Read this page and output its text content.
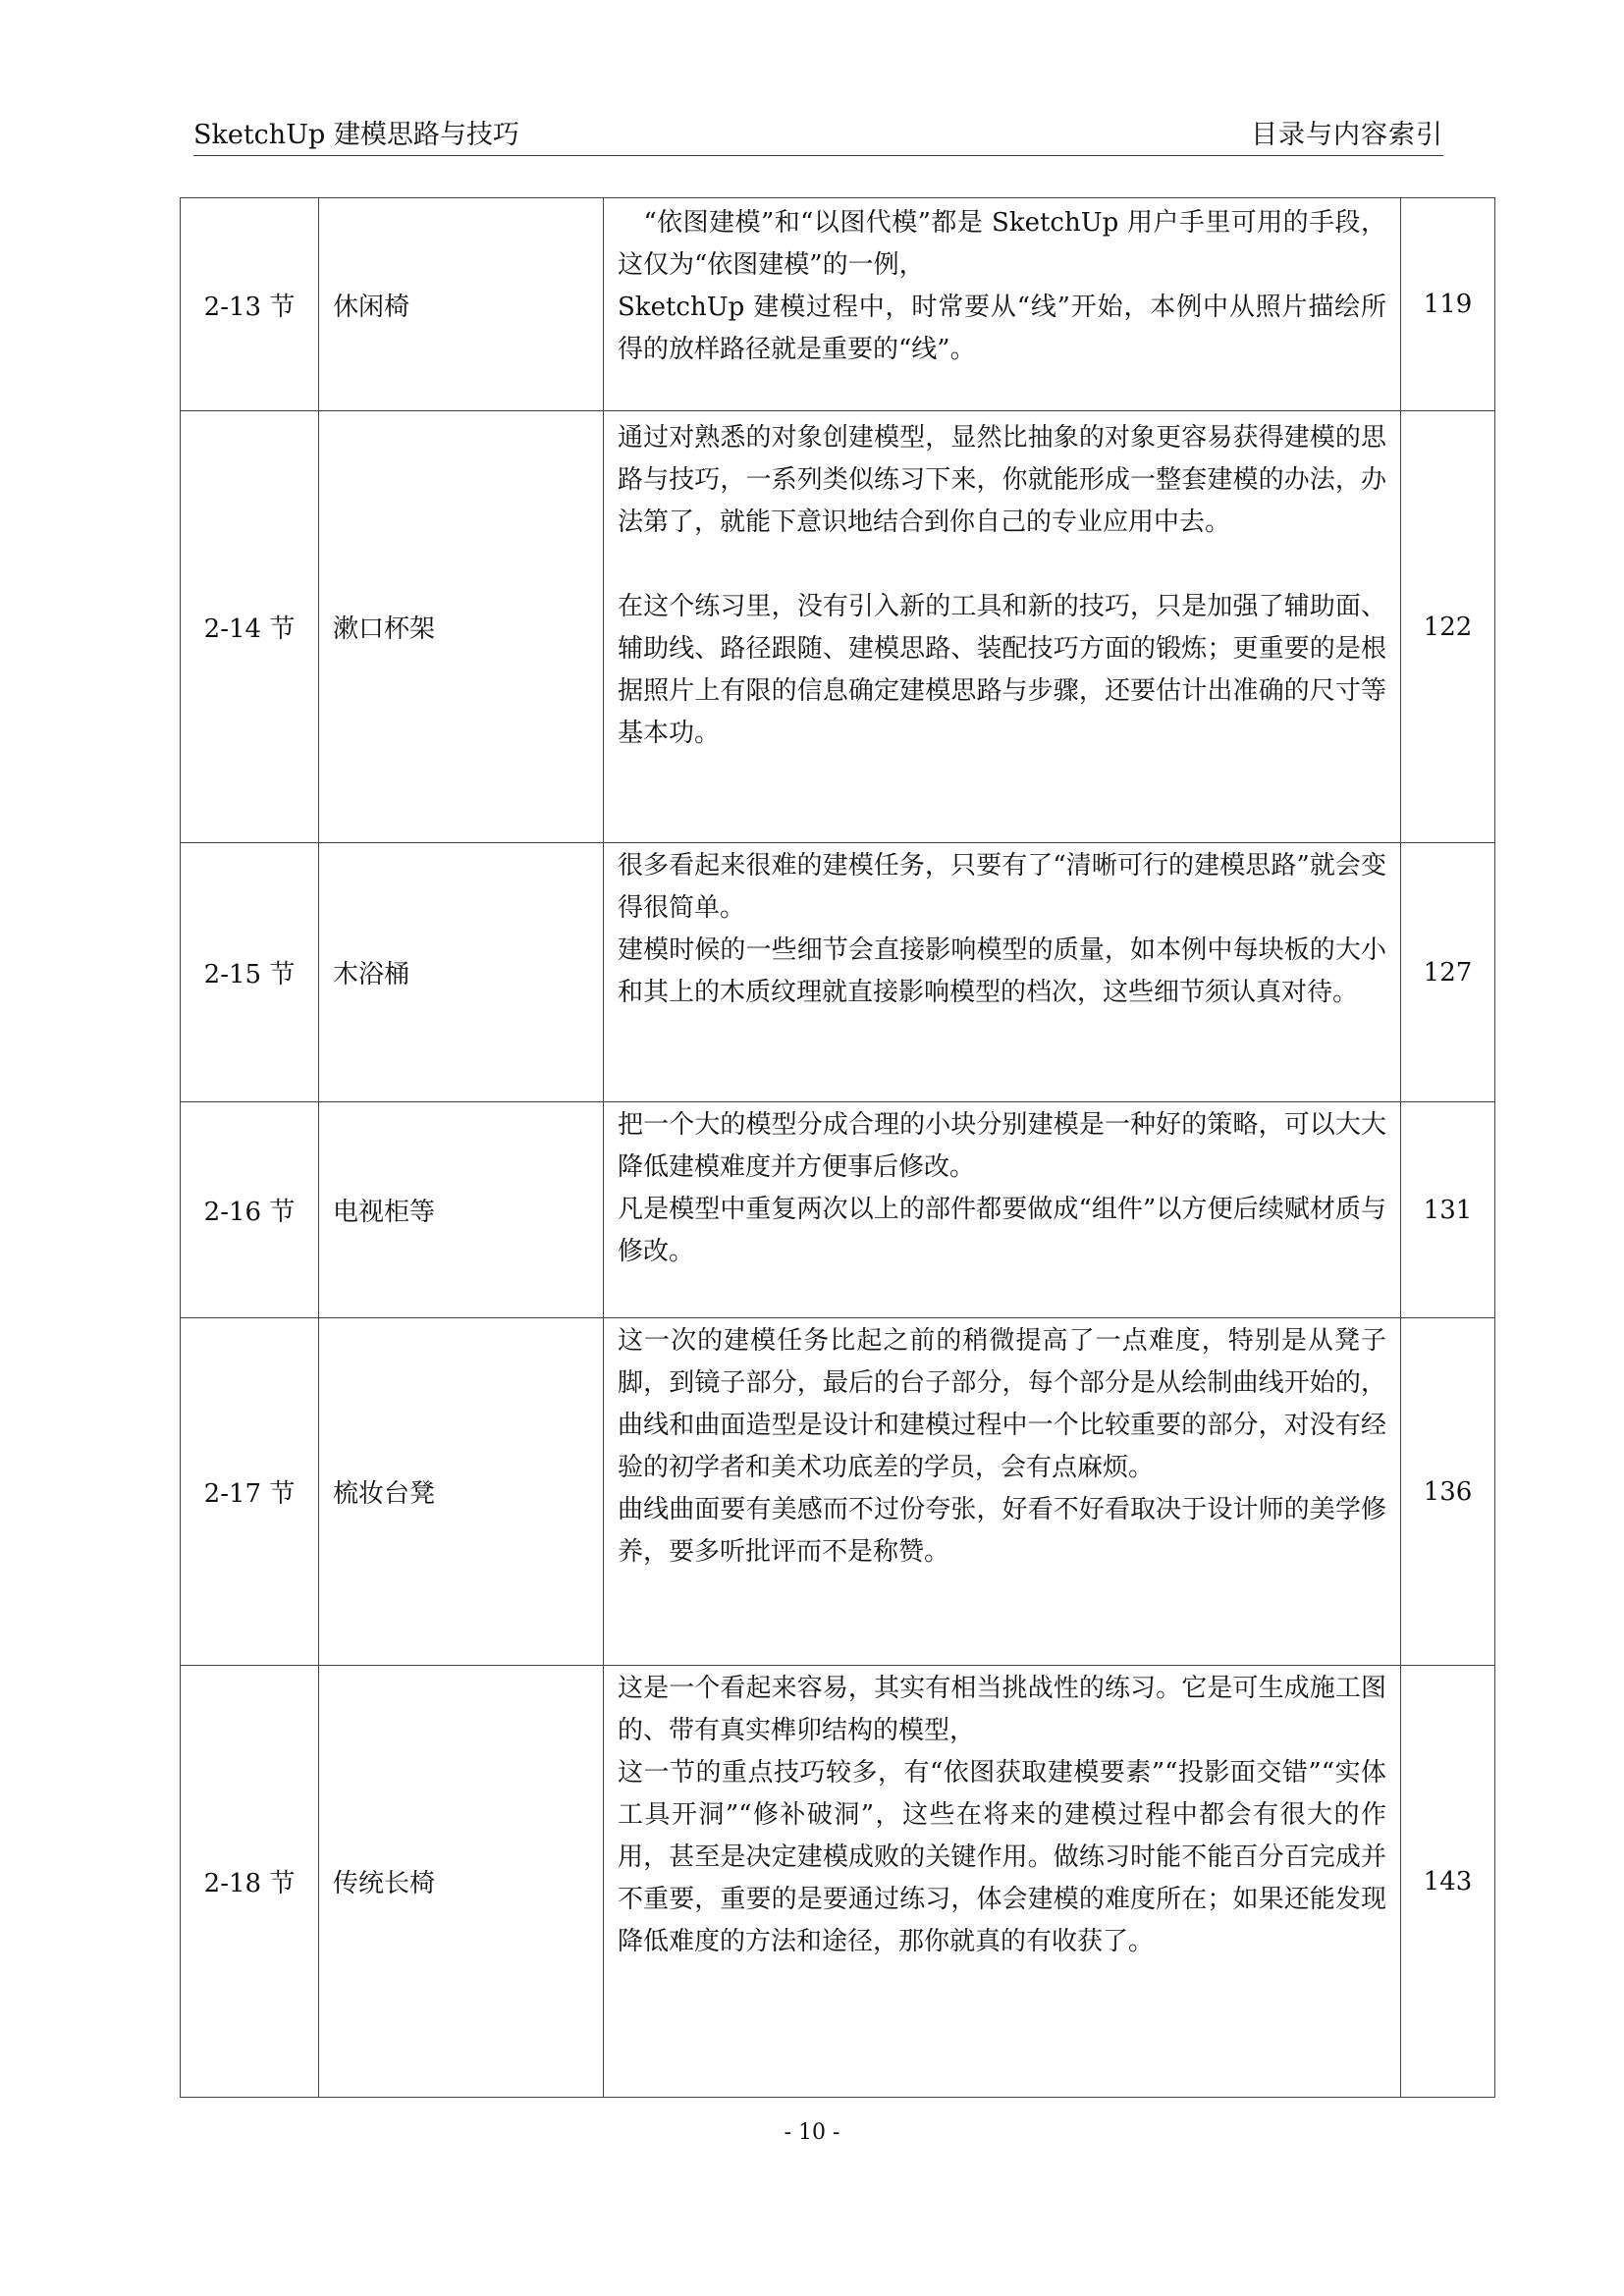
SketchUp 建模思路与技巧	目录与内容索引
2-13 节	休闲椅	　“依图建模”和“以图代模”都是 SketchUp 用户手里可用的手段，这仅为“依图建模”的一例，
SketchUp 建模过程中，时常要从“线”开始，本例中从照片描绘所得的放样路径就是重要的“线”。	119
2-14 节	漱口杯架	通过对熟悉的对象创建模型，显然比抽象的对象更容易获得建模的思路与技巧，一系列类似练习下来，你就能形成一整套建模的办法，办法第了，就能下意识地结合到你自己的专业应用中去。
在这个练习里，没有引入新的工具和新的技巧，只是加强了辅助面、辅助线、路径跟随、建模思路、装配技巧方面的锻炼；更重要的是根据照片上有限的信息确定建模思路与步骤，还要估计出准确的尺寸等基本功。	122
2-15 节	木浴桶	很多看起来很难的建模任务，只要有了“清晰可行的建模思路”就会变得很简单。
建模时候的一些细节会直接影响模型的质量，如本例中每块板的大小和其上的木质纹理就直接影响模型的档次，这些细节须认真对待。	127
2-16 节	电视柜等	把一个大的模型分成合理的小块分别建模是一种好的策略，可以大大降低建模难度并方便事后修改。
凡是模型中重复两次以上的部件都要做成“组件”以方便后续赋材质与修改。	131
2-17 节	梳妆台凳	这一次的建模任务比起之前的稍微提高了一点难度，特别是从凳子脚，到镜子部分，最后的台子部分，每个部分是从绘制曲线开始的，曲线和曲面造型是设计和建模过程中一个比较重要的部分，对没有经验的初学者和美术功底差的学员，会有点麻烦。
曲线曲面要有美感而不过份夸张，好看不好看取决于设计师的美学修养，要多听批评而不是称赞。	136
2-18 节	传统长椅	这是一个看起来容易，其实有相当挑战性的练习。它是可生成施工图的、带有真实榫卯结构的模型，
这一节的重点技巧较多，有“依图获取建模要素”“投影面交错”“实体工具开洞”“修补破洞”，这些在将来的建模过程中都会有很大的作用，甚至是决定建模成败的关键作用。做练习时能不能百分百完成并不重要，重要的是要通过练习，体会建模的难度所在；如果还能发现降低难度的方法和途径，那你就真的有收获了。	143
- 10 -
